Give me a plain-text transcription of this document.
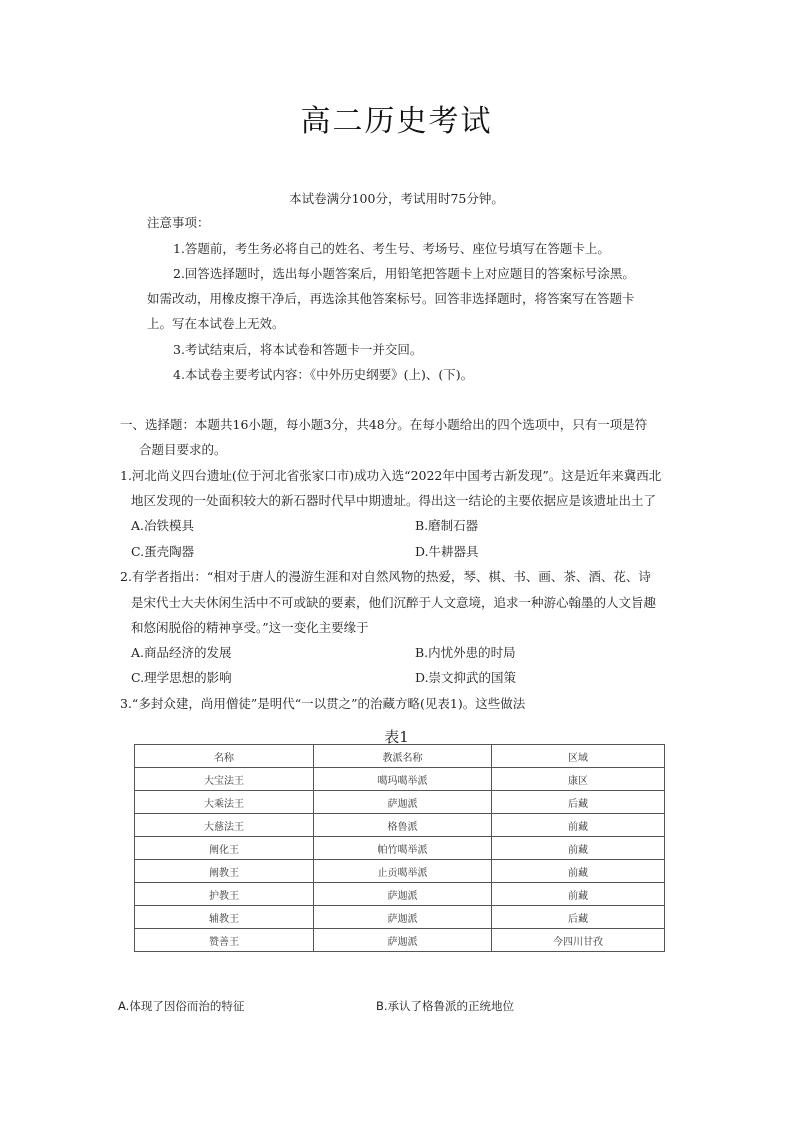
高二历史考试
本试卷满分100分，考试用时75分钟。
注意事项：
1.答题前，考生务必将自己的姓名、考生号、考场号、座位号填写在答题卡上。
2.回答选择题时，选出每小题答案后，用铅笔把答题卡上对应题目的答案标号涂黑。
如需改动，用橡皮擦干净后，再选涂其他答案标号。回答非选择题时，将答案写在答题卡
上。写在本试卷上无效。
3.考试结束后，将本试卷和答题卡一并交回。
4.本试卷主要考试内容：《中外历史纲要》(上)、(下)。
一、选择题：本题共16小题，每小题3分，共48分。在每小题给出的四个选项中，只有一项是符
合题目要求的。
1.河北尚义四台遗址(位于河北省张家口市)成功入选“2022年中国考古新发现”。这是近年来冀西北
地区发现的一处面积较大的新石器时代早中期遗址。得出这一结论的主要依据应是该遗址出土了
A.冶铁模具	B.磨制石器
C.蛋壳陶器	D.牛耕器具
2.有学者指出：“相对于唐人的漫游生涯和对自然风物的热爱，琴、棋、书、画、茶、酒、花、诗
是宋代士大夫休闲生活中不可或缺的要素，他们沉醉于人文意境，追求一种游心翰墨的人文旨趣
和悠闲脱俗的精神享受。”这一变化主要缘于
A.商品经济的发展	B.内忧外患的时局
C.理学思想的影响	D.崇文抑武的国策
3.“多封众建，尚用僧徒”是明代“一以贯之”的治藏方略(见表1)。这些做法
表1
名称	教派名称	区域
大宝法王	噶玛噶举派	康区
大乘法王	萨迦派	后藏
大慈法王	格鲁派	前藏
阐化王	帕竹噶举派	前藏
阐教王	止贡噶举派	前藏
护教王	萨迦派	前藏
辅教王	萨迦派	后藏
赞善王	萨迦派	今四川甘孜
A.体现了因俗而治的特征	B.承认了格鲁派的正统地位
